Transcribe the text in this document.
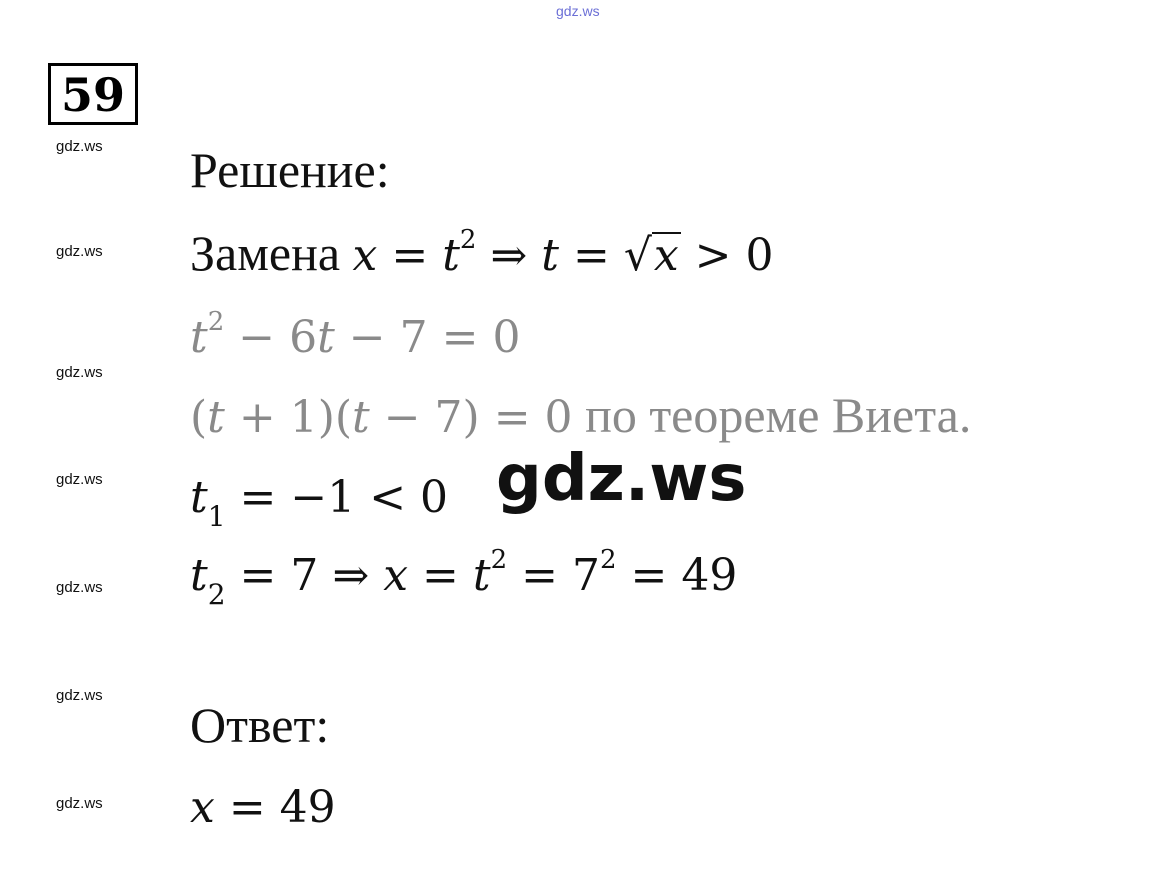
gdz.ws
59
gdz.ws
gdz.ws
gdz.ws
gdz.ws
gdz.ws
gdz.ws
gdz.ws
Решение:
Замена $x = t^2$ ⇒ t = √x > 0
$t^2 - 6t - 7 = 0$
(t + 1)(t − 7) = 0 по теореме Виета.
$t_1 = -1 < 0$ gdz.ws
$t_2 = 7$ ⇒ $x = t^2 = 7^2 = 49$
Ответ:
x = 49
